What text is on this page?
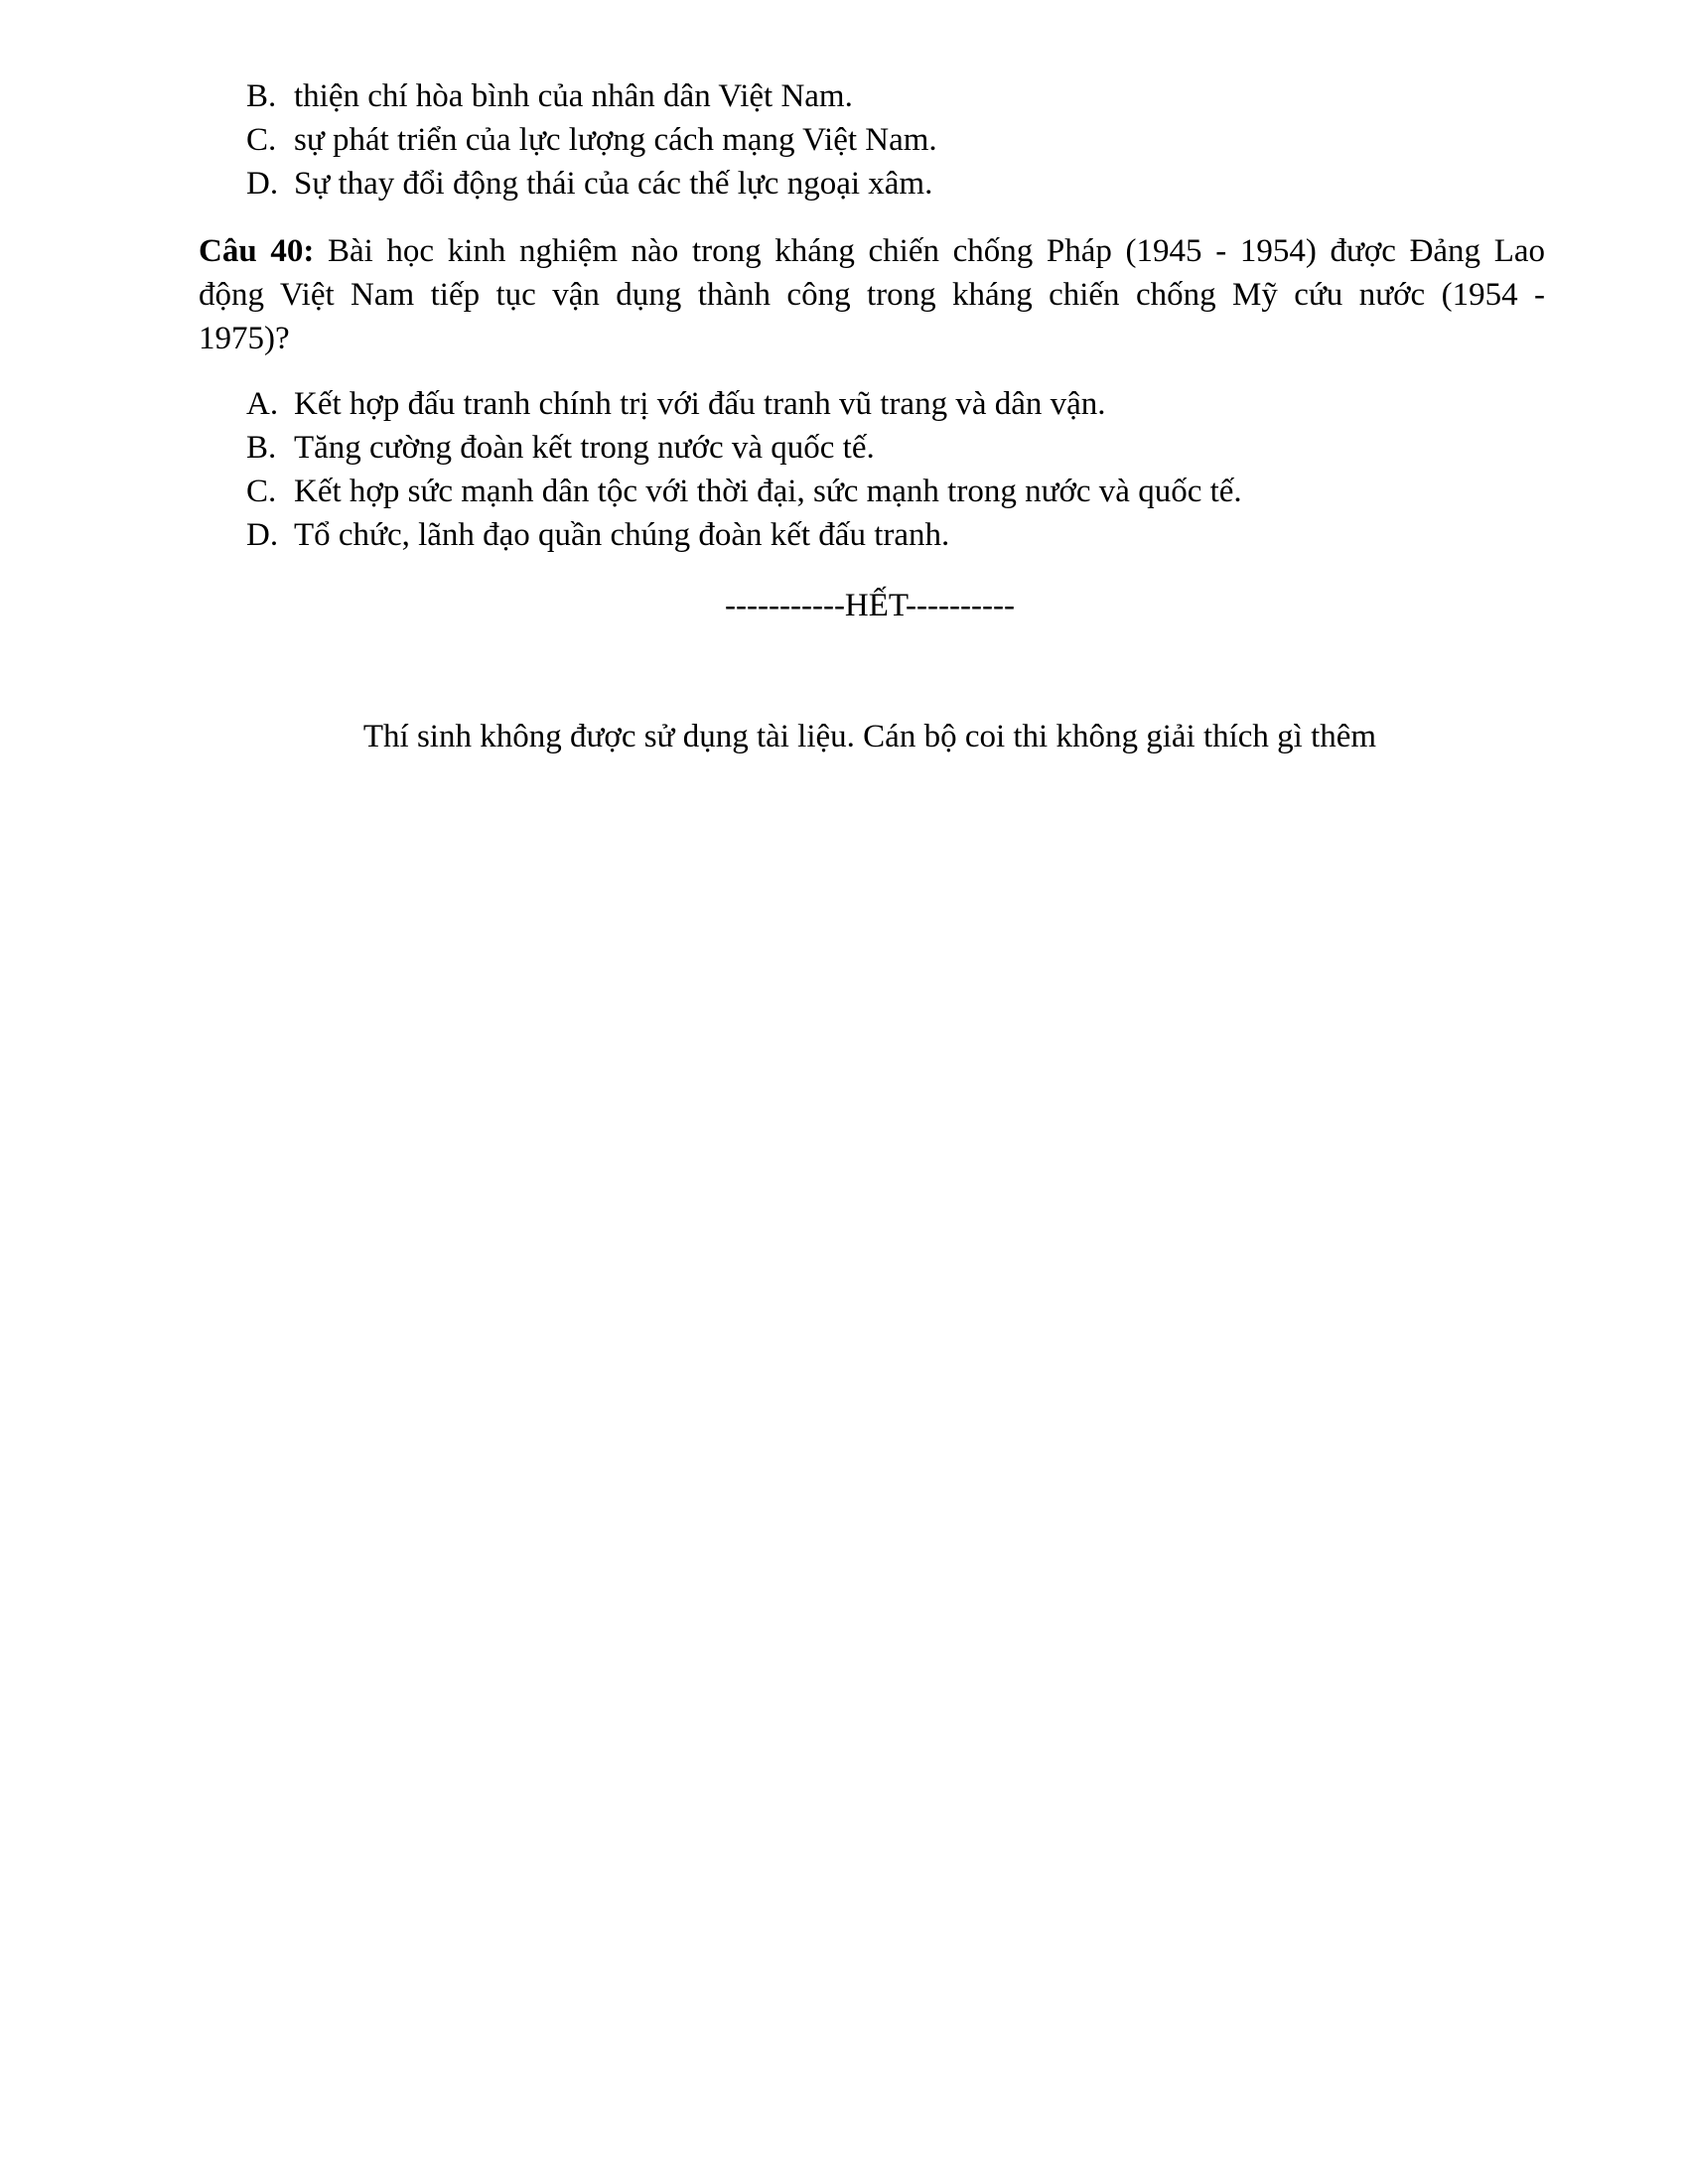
B. thiện chí hòa bình của nhân dân Việt Nam.
C. sự phát triển của lực lượng cách mạng Việt Nam.
D. Sự thay đổi động thái của các thế lực ngoại xâm.
Câu 40: Bài học kinh nghiệm nào trong kháng chiến chống Pháp (1945 - 1954) được Đảng Lao
động Việt Nam tiếp tục vận dụng thành công trong kháng chiến chống Mỹ cứu nước (1954 -
1975)?
A. Kết hợp đấu tranh chính trị với đấu tranh vũ trang và dân vận.
B. Tăng cường đoàn kết trong nước và quốc tế.
C. Kết hợp sức mạnh dân tộc với thời đại, sức mạnh trong nước và quốc tế.
D. Tổ chức, lãnh đạo quần chúng đoàn kết đấu tranh.
-----------HẾT----------
Thí sinh không được sử dụng tài liệu. Cán bộ coi thi không giải thích gì thêm
